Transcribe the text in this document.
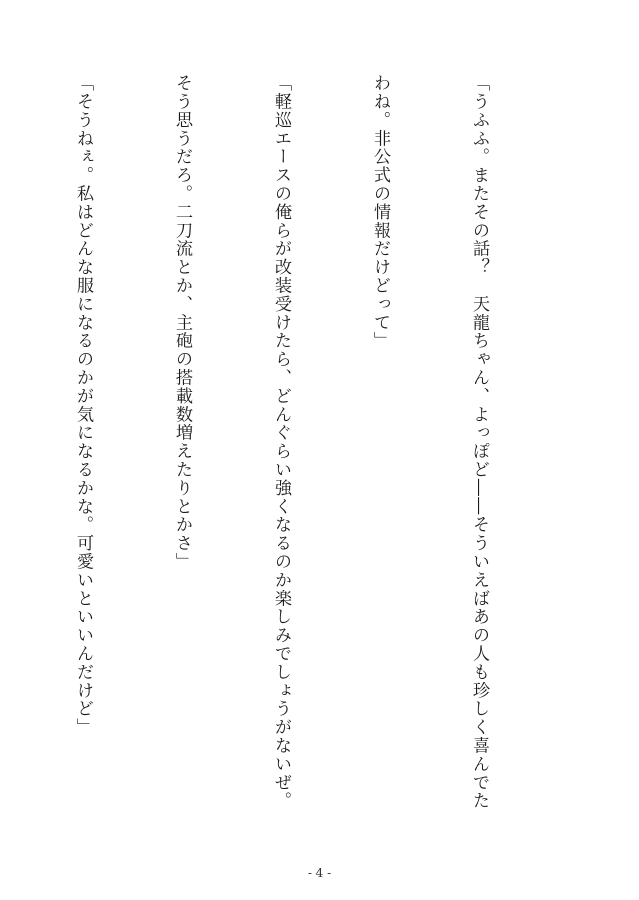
「うふふ。またその話？　天龍ちゃん、よっぽど――そういえばあの人も珍しく喜んでた

わね。非公式の情報だけどって」

「軽巡エースの俺らが改装受けたら、どんぐらい強くなるのか楽しみでしょうがないぜ。

そう思うだろ。二刀流とか、主砲の搭載数増えたりとかさ」

「そうねぇ。私はどんな服になるのかが気になるかな。可愛いといいんだけど」

- 4 -
